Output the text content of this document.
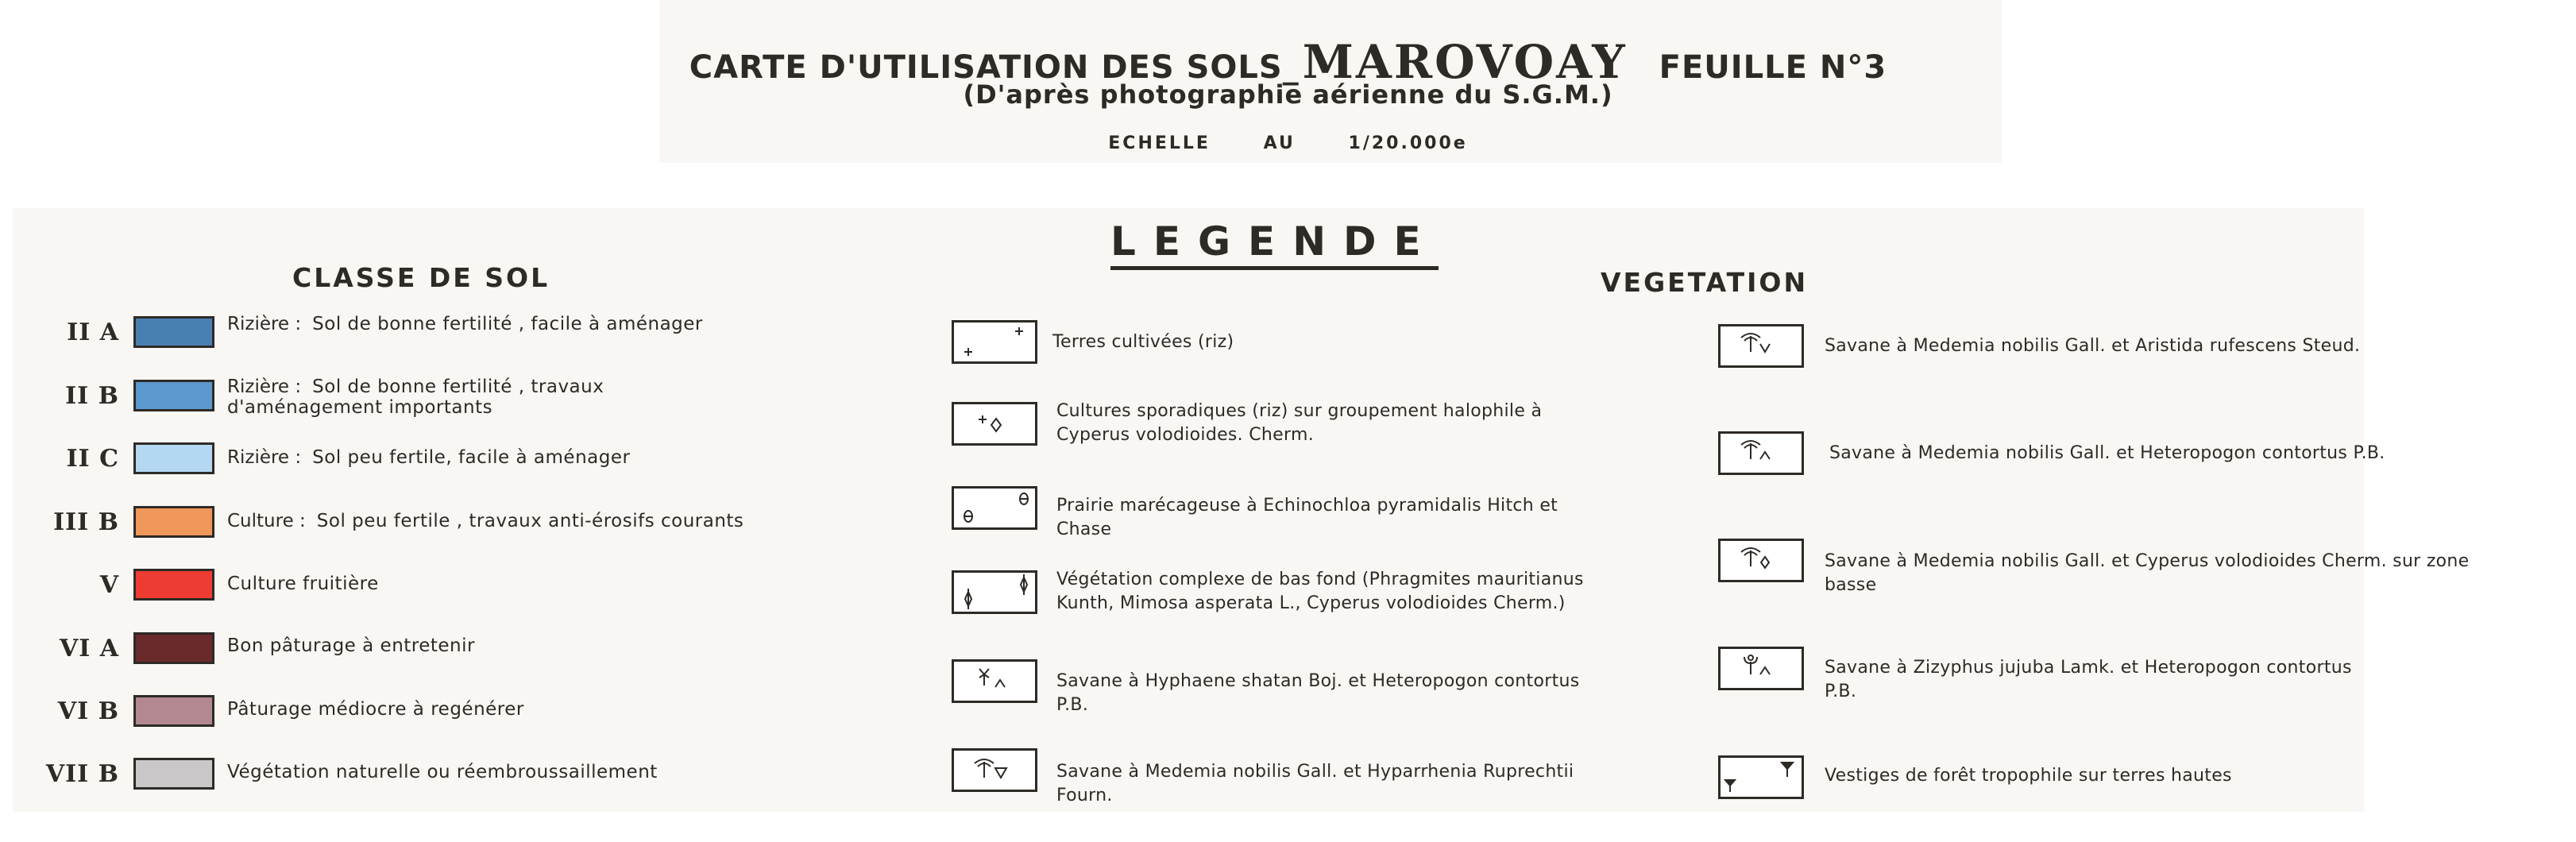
CARTE D'UTILISATION DES SOLS_MAROVOAY FEUILLE N°3
(D'après photographie aérienne du S.G.M.)
ECHELLE	AU	1/20.000e
LEGENDE
CLASSE DE SOL	VEGETATION
II A	Rizière : Sol de bonne fertilité , facile à aménager
II B	Rizière : Sol de bonne fertilité , travaux d'aménagement importants
II C	Rizière : Sol peu fertile, facile à aménager
III B	Culture : Sol peu fertile , travaux anti-érosifs courants
V	Culture fruitière
VI A	Bon pâturage à entretenir
VI B	Pâturage médiocre à regénérer
VII B	Végétation naturelle ou réembroussaillement
Terres cultivées (riz)
Cultures sporadiques (riz) sur groupement halophile à Cyperus volodioides. Cherm.
Prairie marécageuse à Echinochloa pyramidalis Hitch et Chase
Végétation complexe de bas fond (Phragmites mauritianus Kunth, Mimosa asperata L., Cyperus volodioides Cherm.)
Savane à Hyphaene shatan Boj. et Heteropogon contortus P.B.
Savane à Medemia nobilis Gall. et Hyparrhenia Ruprechtii Fourn.
Savane à Medemia nobilis Gall. et Aristida rufescens Steud.
Savane à Medemia nobilis Gall. et Heteropogon contortus P.B.
Savane à Medemia nobilis Gall. et Cyperus volodioides Cherm. sur zone basse
Savane à Zizyphus jujuba Lamk. et Heteropogon contortus P.B.
Vestiges de forêt tropophile sur terres hautes
